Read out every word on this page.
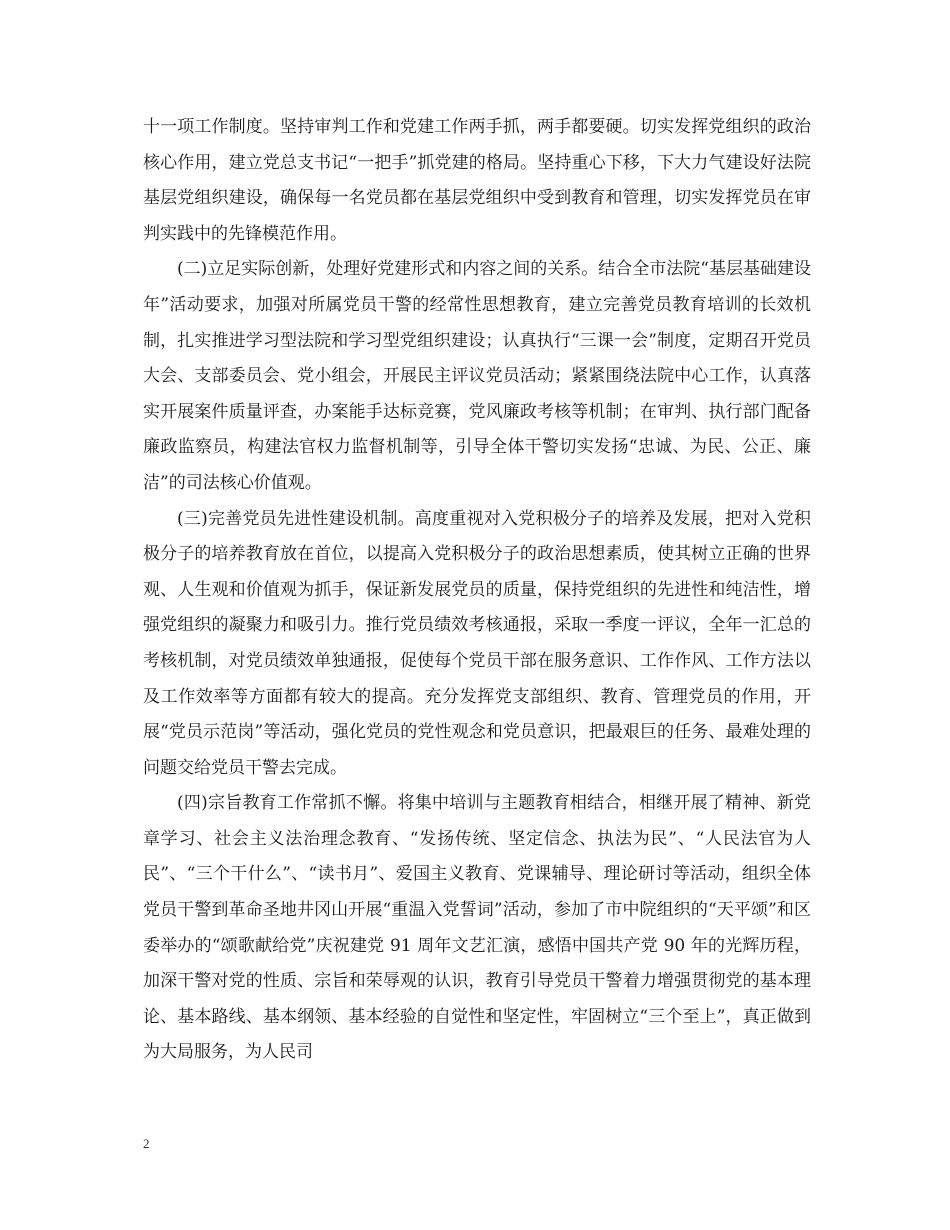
十一项工作制度。坚持审判工作和党建工作两手抓，两手都要硬。切实发挥党组织的政治核心作用，建立党总支书记“一把手”抓党建的格局。坚持重心下移，下大力气建设好法院基层党组织建设，确保每一名党员都在基层党组织中受到教育和管理，切实发挥党员在审判实践中的先锋模范作用。

(二)立足实际创新，处理好党建形式和内容之间的关系。结合全市法院“基层基础建设年”活动要求，加强对所属党员干警的经常性思想教育，建立完善党员教育培训的长效机制，扎实推进学习型法院和学习型党组织建设；认真执行“三课一会”制度，定期召开党员大会、支部委员会、党小组会，开展民主评议党员活动；紧紧围绕法院中心工作，认真落实开展案件质量评查，办案能手达标竞赛，党风廉政考核等机制；在审判、执行部门配备廉政监察员，构建法官权力监督机制等，引导全体干警切实发扬“忠诚、为民、公正、廉洁”的司法核心价值观。

(三)完善党员先进性建设机制。高度重视对入党积极分子的培养及发展，把对入党积极分子的培养教育放在首位，以提高入党积极分子的政治思想素质，使其树立正确的世界观、人生观和价值观为抓手，保证新发展党员的质量，保持党组织的先进性和纯洁性，增强党组织的凝聚力和吸引力。推行党员绩效考核通报，采取一季度一评议，全年一汇总的考核机制，对党员绩效单独通报，促使每个党员干部在服务意识、工作作风、工作方法以及工作效率等方面都有较大的提高。充分发挥党支部组织、教育、管理党员的作用，开展“党员示范岗”等活动，强化党员的党性观念和党员意识，把最艰巨的任务、最难处理的问题交给党员干警去完成。

(四)宗旨教育工作常抓不懈。将集中培训与主题教育相结合，相继开展了精神、新党章学习、社会主义法治理念教育、“发扬传统、坚定信念、执法为民”、“人民法官为人民”、“三个干什么”、“读书月”、爱国主义教育、党课辅导、理论研讨等活动，组织全体党员干警到革命圣地井冈山开展“重温入党誓词”活动，参加了市中院组织的“天平颂”和区委举办的“颂歌献给党”庆祝建党 91 周年文艺汇演，感悟中国共产党 90 年的光辉历程，加深干警对党的性质、宗旨和荣辱观的认识，教育引导党员干警着力增强贯彻党的基本理论、基本路线、基本纲领、基本经验的自觉性和坚定性，牢固树立“三个至上”，真正做到为大局服务，为人民司

2
